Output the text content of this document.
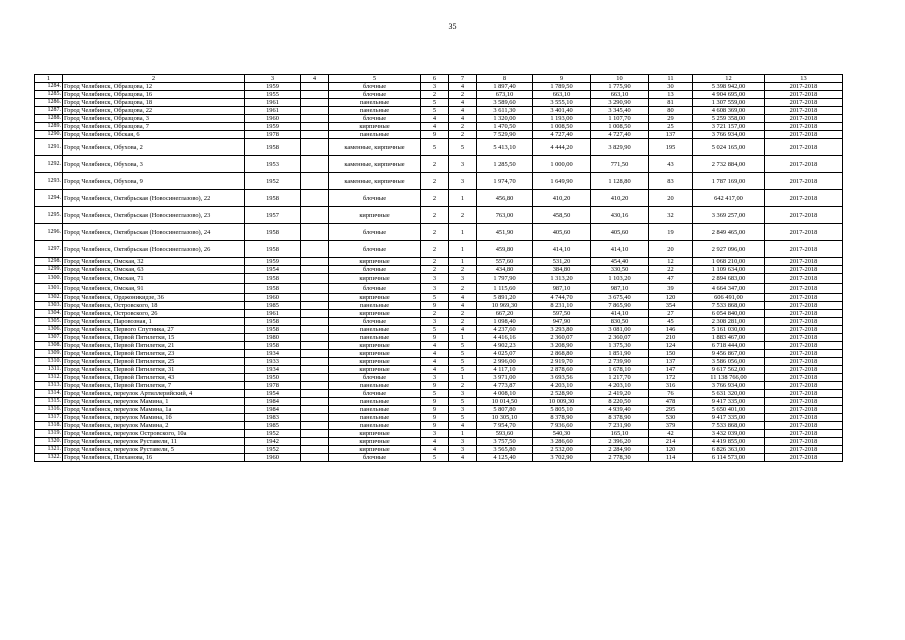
35
1	2	3	4	5	6	7	8	9	10	11	12	13
1284.	Город Челябинск, Образцова, 12	1959		блочные	3	4	1 897,40	1 789,50	1 775,90	30	5 398 942,00	2017-2018
1285.	Город Челябинск, Образцова, 16	1955		блочные	2	2	673,10	663,10	663,10	13	4 904 695,00	2017-2018
1286.	Город Челябинск, Образцова, 18	1961		панельные	5	4	3 589,60	3 555,10	3 290,90	81	1 307 559,00	2017-2018
1287.	Город Челябинск, Образцова, 22	1961		панельные	5	4	3 611,30	3 401,40	3 345,40	80	4 608 369,00	2017-2018
1288.	Город Челябинск, Образцова, 3	1960		блочные	4	4	1 320,00	1 193,00	1 107,70	29	5 259 358,00	2017-2018
1289.	Город Челябинск, Образцова, 7	1959		кирпичные	4	2	1 470,50	1 008,50	1 008,50	25	3 721 157,00	2017-2018
1290.	Город Челябинск, Обская, 6	1978		панельные	9	2	7 529,90	4 727,40	4 727,40	137	3 766 934,00	2017-2018
1291.	Город Челябинск, Обухова, 2	1958		каменные, кирпичные	5	5	5 413,10	4 444,20	3 829,90	195	5 024 165,00	2017-2018
1292.	Город Челябинск, Обухова, 3	1953		каменные, кирпичные	2	3	1 285,50	1 000,00	771,50	43	2 732 884,00	2017-2018
1293.	Город Челябинск, Обухова, 9	1952		каменные, кирпичные	2	3	1 974,70	1 649,90	1 128,80	83	1 787 169,00	2017-2018
1294.	Город Челябинск, Октябрьская (Новосинеглазово), 22	1958		блочные	2	1	456,80	410,20	410,20	20	642 417,00	2017-2018
1295.	Город Челябинск, Октябрьская (Новосинеглазово), 23	1957		кирпичные	2	2	763,00	458,50	430,16	32	3 369 257,00	2017-2018
1296.	Город Челябинск, Октябрьская (Новосинеглазово), 24	1958		блочные	2	1	451,90	405,60	405,60	19	2 849 465,00	2017-2018
1297.	Город Челябинск, Октябрьская (Новосинеглазово), 26	1958		блочные	2	1	459,80	414,10	414,10	20	2 927 096,00	2017-2018
1298.	Город Челябинск, Омская, 32	1959		кирпичные	2	1	557,60	531,20	454,40	12	1 068 210,00	2017-2018
1299.	Город Челябинск, Омская, 63	1954		блочные	2	2	434,80	384,80	330,50	22	1 109 634,00	2017-2018
1300.	Город Челябинск, Омская, 71	1958		кирпичные	3	3	1 797,90	1 313,20	1 103,20	47	2 894 683,00	2017-2018
1301.	Город Челябинск, Омская, 91	1958		блочные	3	2	1 115,60	987,10	987,10	39	4 664 347,00	2017-2018
1302.	Город Челябинск, Орджоникидзе, 36	1960		кирпичные	5	4	5 891,20	4 744,70	3 675,40	120	606 491,00	2017-2018
1303.	Город Челябинск, Островского, 18	1985		панельные	9	4	10 969,30	8 231,10	7 865,90	354	7 533 868,00	2017-2018
1304.	Город Челябинск, Островского, 26	1961		кирпичные	2	2	667,20	597,50	414,10	27	6 054 840,00	2017-2018
1305.	Город Челябинск, Паровозная, 1	1958		блочные	3	2	1 098,40	947,90	830,50	45	2 308 281,00	2017-2018
1306.	Город Челябинск, Первого Спутника, 27	1958		панельные	5	4	4 237,60	3 293,80	3 081,00	146	5 161 030,00	2017-2018
1307.	Город Челябинск, Первой Пятилетки, 15	1980		панельные	9	1	4 416,16	2 360,07	2 360,07	210	1 883 467,00	2017-2018
1308.	Город Челябинск, Первой Пятилетки, 21	1958		кирпичные	4	5	4 902,23	3 208,90	1 375,30	124	6 718 444,00	2017-2018
1309.	Город Челябинск, Первой Пятилетки, 23	1934		кирпичные	4	5	4 025,07	2 868,80	1 851,90	150	9 456 867,00	2017-2018
1310.	Город Челябинск, Первой Пятилетки, 25	1933		кирпичные	4	5	2 996,00	2 919,70	2 739,90	137	3 586 056,00	2017-2018
1311.	Город Челябинск, Первой Пятилетки, 31	1934		кирпичные	4	5	4 117,10	2 878,60	1 678,10	147	9 617 562,00	2017-2018
1312.	Город Челябинск, Первой Пятилетки, 43	1950		блочные	3	1	3 971,00	3 693,56	1 217,70	172	11 138 766,00	2017-2018
1313.	Город Челябинск, Первой Пятилетки, 7	1978		панельные	9	2	4 773,87	4 203,10	4 203,10	316	3 766 934,00	2017-2018
1314.	Город Челябинск, переулок Артиллерийский, 4	1954		блочные	5	3	4 008,10	2 528,90	2 419,20	76	5 631 320,00	2017-2018
1315.	Город Челябинск, переулок Мамина, 1	1984		панельные	9	5	10 014,50	10 009,30	8 220,50	478	9 417 335,00	2017-2018
1316.	Город Челябинск, переулок Мамина, 1а	1984		панельные	9	3	5 807,80	5 805,10	4 939,40	295	5 650 401,00	2017-2018
1317.	Город Челябинск, переулок Мамина, 1б	1983		панельные	9	5	10 305,10	8 378,90	8 378,90	530	9 417 335,00	2017-2018
1318.	Город Челябинск, переулок Мамина, 2	1985		панельные	9	4	7 954,70	7 936,60	7 231,90	379	7 533 868,00	2017-2018
1319.	Город Челябинск, переулок Островского, 10а	1952		кирпичные	3	1	593,60	540,30	165,10	42	3 432 039,00	2017-2018
1320.	Город Челябинск, переулок Руставели, 11	1942		кирпичные	4	3	3 757,50	3 286,60	2 396,20	214	4 419 855,00	2017-2018
1321.	Город Челябинск, переулок Руставели, 5	1952		кирпичные	4	3	3 565,80	2 532,00	2 284,90	120	6 826 363,00	2017-2018
1322.	Город Челябинск, Плеханова, 16	1960		блочные	5	4	4 125,40	3 702,90	2 778,30	114	6 114 573,00	2017-2018
